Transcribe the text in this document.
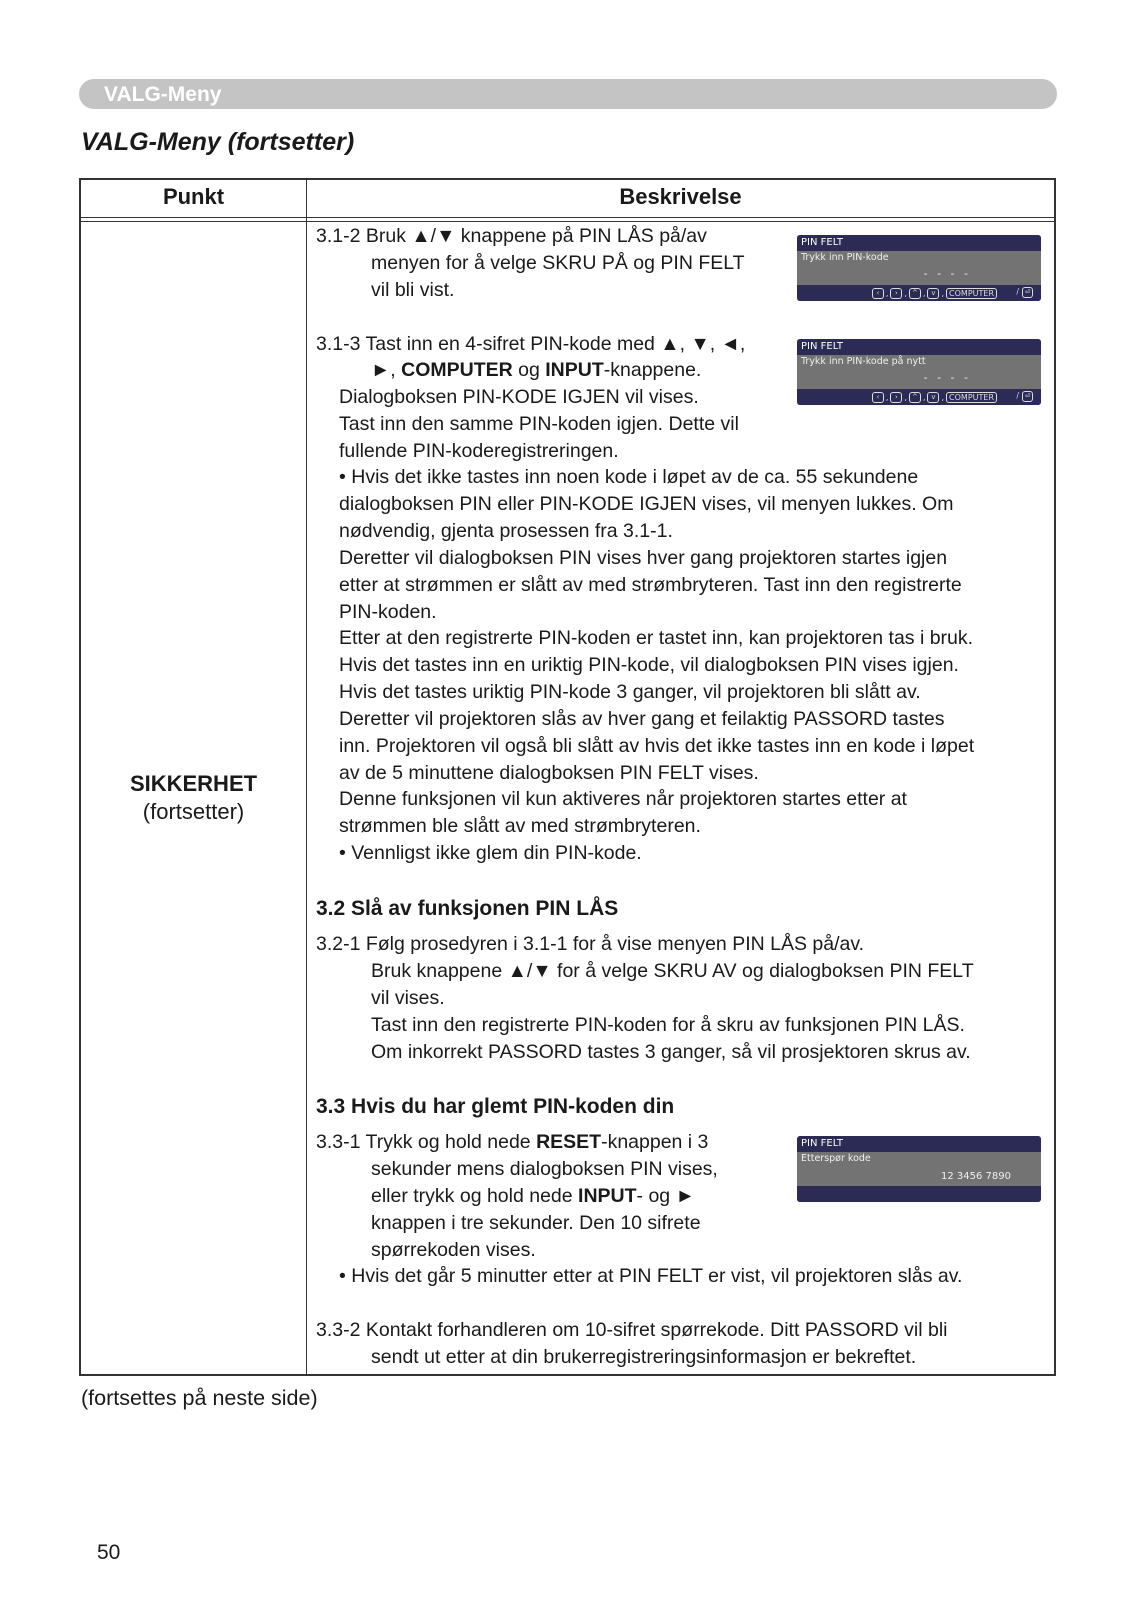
VALG-Meny
VALG-Meny (fortsetter)
Punkt	Beskrivelse
SIKKERHET
(fortsetter)
3.1-2 Bruk ▲/▼ knappene på PIN LÅS på/av
menyen for å velge SKRU PÅ og PIN FELT
vil bli vist.
3.1-3 Tast inn en 4-sifret PIN-kode med ▲, ▼, ◄,
►, COMPUTER og INPUT-knappene.
Dialogboksen PIN-KODE IGJEN vil vises.
Tast inn den samme PIN-koden igjen. Dette vil
fullende PIN-koderegistreringen.
• Hvis det ikke tastes inn noen kode i løpet av de ca. 55 sekundene
dialogboksen PIN eller PIN-KODE IGJEN vises, vil menyen lukkes. Om
nødvendig, gjenta prosessen fra 3.1-1.
Deretter vil dialogboksen PIN vises hver gang projektoren startes igjen
etter at strømmen er slått av med strømbryteren. Tast inn den registrerte
PIN-koden.
Etter at den registrerte PIN-koden er tastet inn, kan projektoren tas i bruk.
Hvis det tastes inn en uriktig PIN-kode, vil dialogboksen PIN vises igjen.
Hvis det tastes uriktig PIN-kode 3 ganger, vil projektoren bli slått av.
Deretter vil projektoren slås av hver gang et feilaktig PASSORD tastes
inn. Projektoren vil også bli slått av hvis det ikke tastes inn en kode i løpet
av de 5 minuttene dialogboksen PIN FELT vises.
Denne funksjonen vil kun aktiveres når projektoren startes etter at
strømmen ble slått av med strømbryteren.
• Vennligst ikke glem din PIN-kode.
3.2 Slå av funksjonen PIN LÅS
3.2-1 Følg prosedyren i 3.1-1 for å vise menyen PIN LÅS på/av.
Bruk knappene ▲/▼ for å velge SKRU AV og dialogboksen PIN FELT
vil vises.
Tast inn den registrerte PIN-koden for å skru av funksjonen PIN LÅS.
Om inkorrekt PASSORD tastes 3 ganger, så vil prosjektoren skrus av.
3.3 Hvis du har glemt PIN-koden din
3.3-1 Trykk og hold nede RESET-knappen i 3
sekunder mens dialogboksen PIN vises,
eller trykk og hold nede INPUT- og ►
knappen i tre sekunder. Den 10 sifrete
spørrekoden vises.
• Hvis det går 5 minutter etter at PIN FELT er vist, vil projektoren slås av.
3.3-2 Kontakt forhandleren om 10-sifret spørrekode. Ditt PASSORD vil bli
sendt ut etter at din brukerregistreringsinformasjon er bekreftet.
PIN FELT
Trykk inn PIN-kode
- - - -
‹ , › , ^ , v , COMPUTER	/ ⏎
PIN FELT
Trykk inn PIN-kode på nytt
- - - -
‹ , › , ^ , v , COMPUTER	/ ⏎
PIN FELT
Etterspør kode
12 3456 7890
(fortsettes på neste side)
50
